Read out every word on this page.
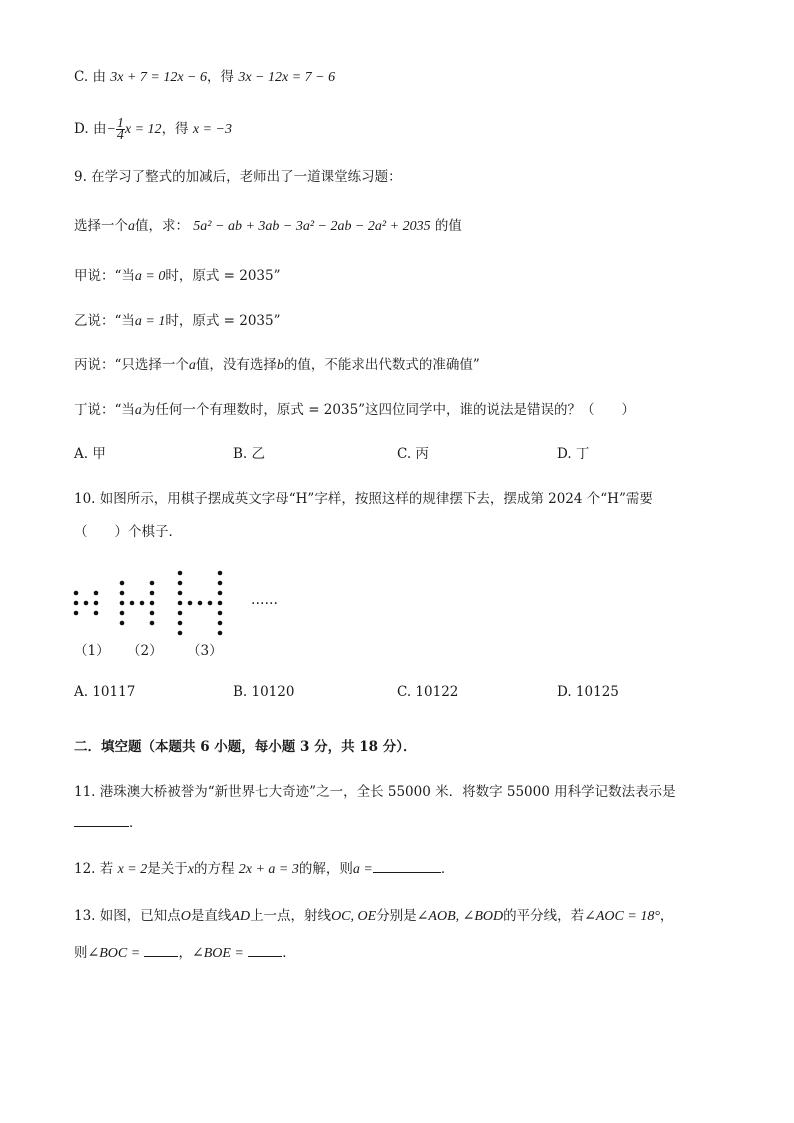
C. 由 3x + 7 = 12x − 6，得 3x − 12x = 7 − 6
D. 由− $\frac{1}{4}$ x = 12，得 x = −3
9. 在学习了整式的加减后，老师出了一道课堂练习题：
选择一个a值，求： 5a² − ab + 3ab − 3a² − 2ab − 2a² + 2035 的值
甲说：“当a = 0时，原式 = 2035”
乙说：“当a = 1时，原式 = 2035”
丙说：“只选择一个a值，没有选择b的值，不能求出代数式的准确值”
丁说：“当a为任何一个有理数时，原式 = 2035”这四位同学中，谁的说法是错误的？（　　）
A. 甲	B. 乙	C. 丙	D. 丁
10. 如图所示，用棋子摆成英文字母“H”字样，按照这样的规律摆下去，摆成第 2024 个“H”需要
（　　）个棋子．
……
（1） （2） （3）
A. 10117	B. 10120	C. 10122	D. 10125
二．填空题（本题共 6 小题，每小题 3 分，共 18 分）．
11. 港珠澳大桥被誉为“新世界七大奇迹”之一，全长 55000 米．将数字 55000 用科学记数法表示是
．
12. 若 x = 2是关于x的方程 2x + a = 3的解，则a =	．
13. 如图，已知点O是直线AD上一点，射线OC, OE分别是∠AOB, ∠BOD的平分线，若∠AOC = 18°，
则∠BOC =	，∠BOE =	．
